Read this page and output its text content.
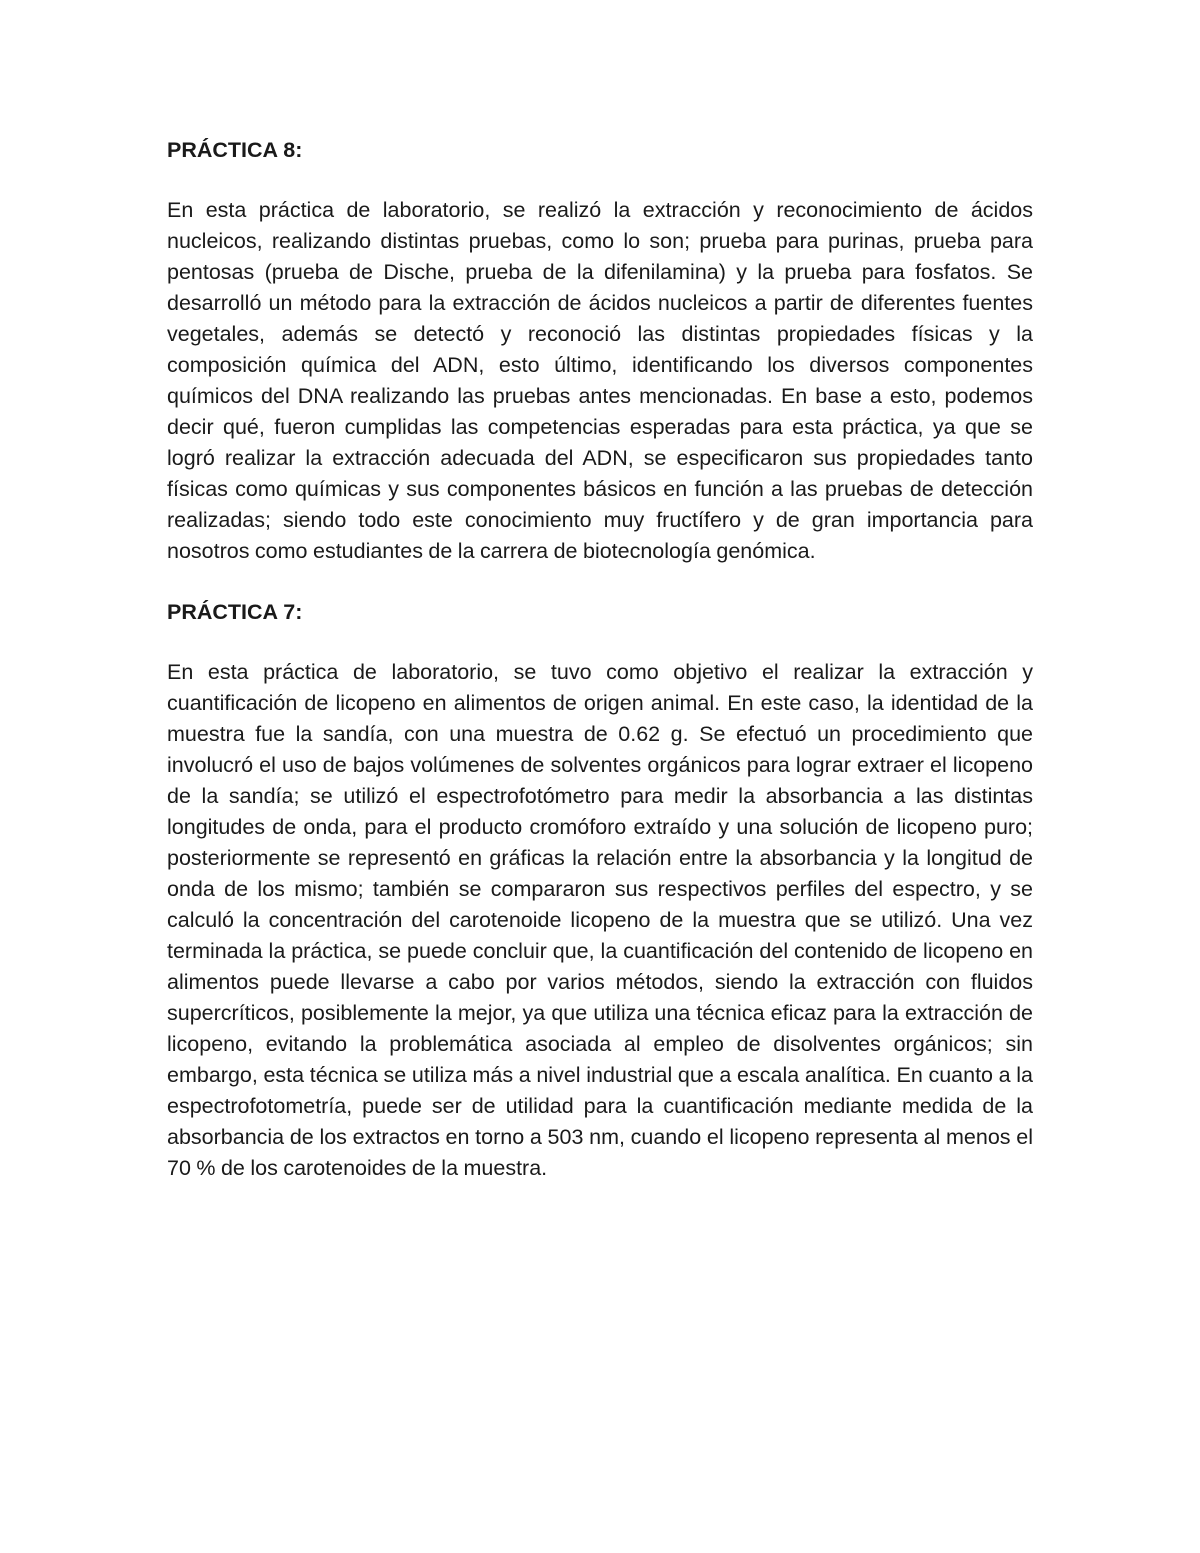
PRÁCTICA 8:

En esta práctica de laboratorio, se realizó la extracción y reconocimiento de ácidos nucleicos, realizando distintas pruebas, como lo son; prueba para purinas, prueba para pentosas (prueba de Dische, prueba de la difenilamina) y la prueba para fosfatos. Se desarrolló un método para la extracción de ácidos nucleicos a partir de diferentes fuentes vegetales, además se detectó y reconoció las distintas propiedades físicas y la composición química del ADN, esto último, identificando los diversos componentes químicos del DNA realizando las pruebas antes mencionadas. En base a esto, podemos decir qué, fueron cumplidas las competencias esperadas para esta práctica, ya que se logró realizar la extracción adecuada del ADN, se especificaron sus propiedades tanto físicas como químicas y sus componentes básicos en función a las pruebas de detección realizadas; siendo todo este conocimiento muy fructífero y de gran importancia para nosotros como estudiantes de la carrera de biotecnología genómica.

PRÁCTICA 7:

En esta práctica de laboratorio, se tuvo como objetivo el realizar la extracción y cuantificación de licopeno en alimentos de origen animal. En este caso, la identidad de la muestra fue la sandía, con una muestra de 0.62 g. Se efectuó un procedimiento que involucró el uso de bajos volúmenes de solventes orgánicos para lograr extraer el licopeno de la sandía; se utilizó el espectrofotómetro para medir la absorbancia a las distintas longitudes de onda, para el producto cromóforo extraído y una solución de licopeno puro; posteriormente se representó en gráficas la relación entre la absorbancia y la longitud de onda de los mismo; también se compararon sus respectivos perfiles del espectro, y se calculó la concentración del carotenoide licopeno de la muestra que se utilizó. Una vez terminada la práctica, se puede concluir que, la cuantificación del contenido de licopeno en alimentos puede llevarse a cabo por varios métodos, siendo la extracción con fluidos supercríticos, posiblemente la mejor, ya que utiliza una técnica eficaz para la extracción de licopeno, evitando la problemática asociada al empleo de disolventes orgánicos; sin embargo, esta técnica se utiliza más a nivel industrial que a escala analítica. En cuanto a la espectrofotometría, puede ser de utilidad para la cuantificación mediante medida de la absorbancia de los extractos en torno a 503 nm, cuando el licopeno representa al menos el 70 % de los carotenoides de la muestra.
